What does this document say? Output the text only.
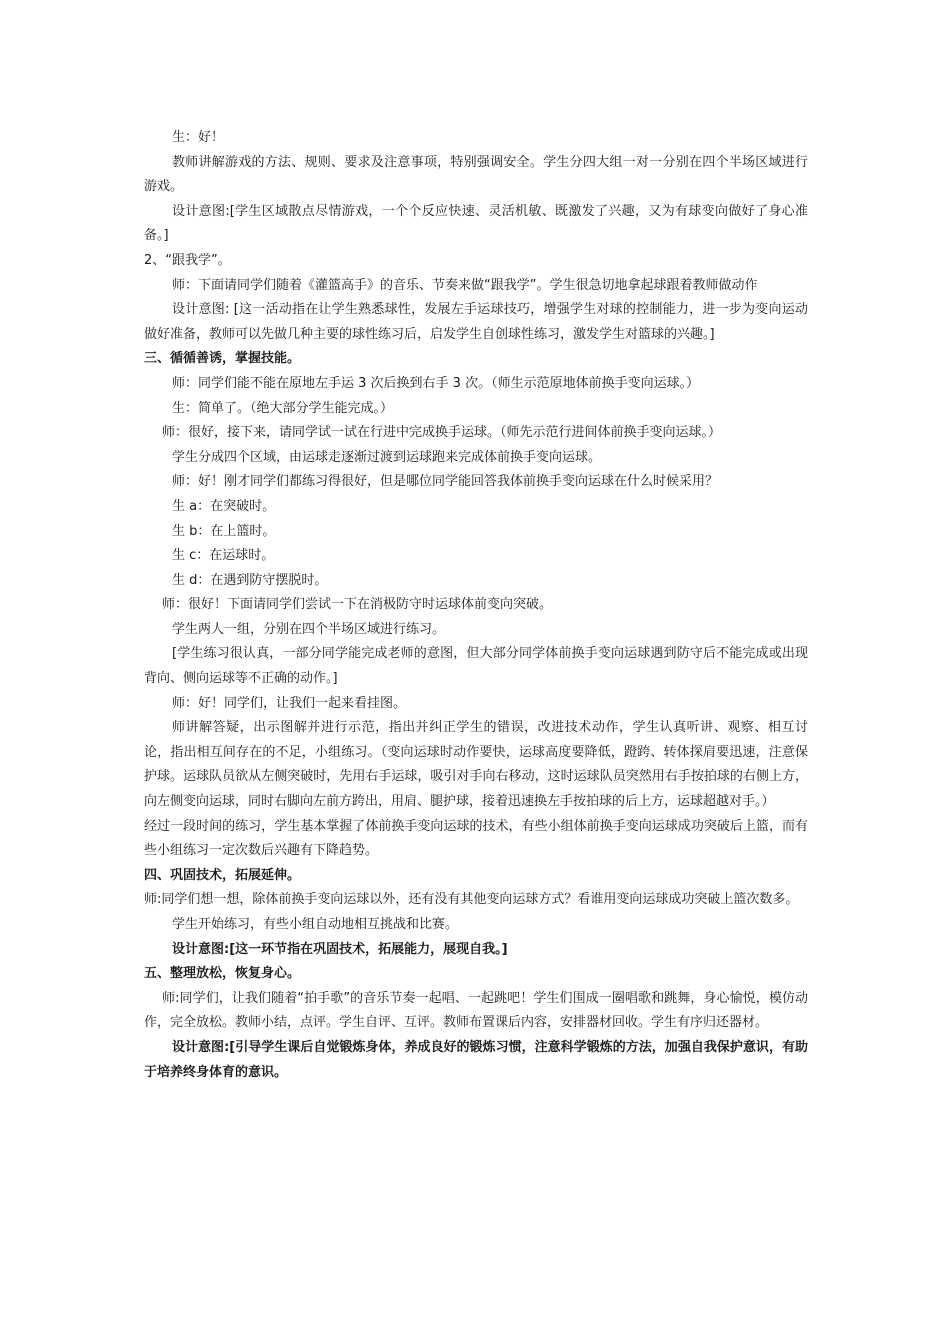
生：好！

教师讲解游戏的方法、规则、要求及注意事项，特别强调安全。学生分四大组一对一分别在四个半场区域进行游戏。

设计意图:[学生区域散点尽情游戏，一个个反应快速、灵活机敏、既激发了兴趣，又为有球变向做好了身心准备。]

2、“跟我学”。

师：下面请同学们随着《灌篮高手》的音乐、节奏来做“跟我学”。学生很急切地拿起球跟着教师做动作

设计意图: [这一活动指在让学生熟悉球性，发展左手运球技巧，增强学生对球的控制能力，进一步为变向运动做好准备，教师可以先做几种主要的球性练习后，启发学生自创球性练习，激发学生对篮球的兴趣。]

三、循循善诱，掌握技能。

师：同学们能不能在原地左手运 3 次后换到右手 3 次。（师生示范原地体前换手变向运球。）

生：简单了。（绝大部分学生能完成。）

师：很好，接下来，请同学试一试在行进中完成换手运球。（师先示范行进间体前换手变向运球。）

学生分成四个区域，由运球走逐渐过渡到运球跑来完成体前换手变向运球。

师：好！刚才同学们都练习得很好，但是哪位同学能回答我体前换手变向运球在什么时候采用？

生 a：在突破时。

生 b：在上篮时。

生 c：在运球时。

生 d：在遇到防守摆脱时。

师：很好！下面请同学们尝试一下在消极防守时运球体前变向突破。

学生两人一组，分别在四个半场区域进行练习。

[学生练习很认真，一部分同学能完成老师的意图，但大部分同学体前换手变向运球遇到防守后不能完成或出现背向、侧向运球等不正确的动作。]

师：好！同学们，让我们一起来看挂图。

师讲解答疑，出示图解并进行示范，指出并纠正学生的错误，改进技术动作，学生认真听讲、观察、相互讨论，指出相互间存在的不足，小组练习。（变向运球时动作要快，运球高度要降低，蹬跨、转体探肩要迅速，注意保护球。运球队员欲从左侧突破时，先用右手运球，吸引对手向右移动，这时运球队员突然用右手按拍球的右侧上方，向左侧变向运球，同时右脚向左前方跨出，用肩、腿护球，接着迅速换左手按拍球的后上方，运球超越对手。）

经过一段时间的练习，学生基本掌握了体前换手变向运球的技术，有些小组体前换手变向运球成功突破后上篮，而有些小组练习一定次数后兴趣有下降趋势。

四、巩固技术，拓展延伸。

师:同学们想一想，除体前换手变向运球以外，还有没有其他变向运球方式？看谁用变向运球成功突破上篮次数多。

学生开始练习，有些小组自动地相互挑战和比赛。

设计意图:[这一环节指在巩固技术，拓展能力，展现自我。]

五、整理放松，恢复身心。

师:同学们，让我们随着“拍手歌”的音乐节奏一起唱、一起跳吧！学生们围成一圈唱歌和跳舞，身心愉悦，模仿动作，完全放松。教师小结，点评。学生自评、互评。教师布置课后内容，安排器材回收。学生有序归还器材。

设计意图:[引导学生课后自觉锻炼身体，养成良好的锻炼习惯，注意科学锻炼的方法，加强自我保护意识，有助于培养终身体育的意识。
